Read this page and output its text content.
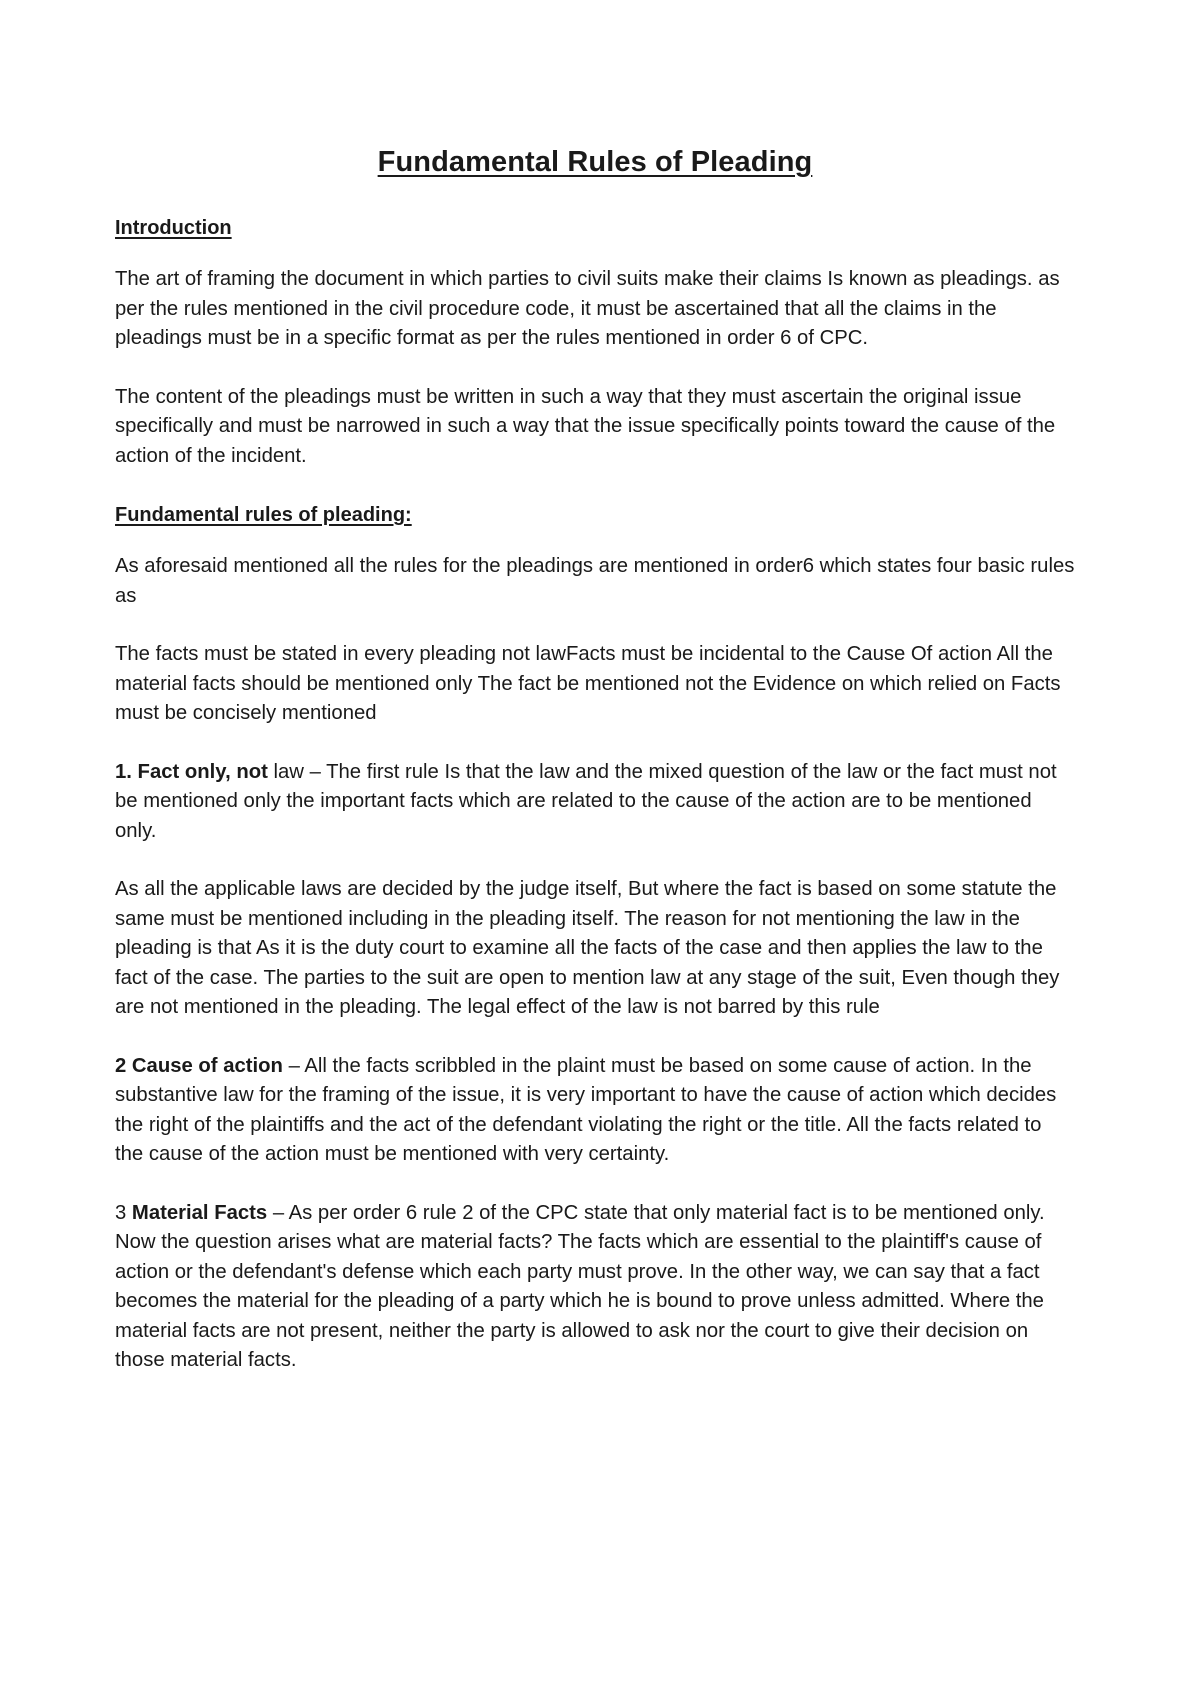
Fundamental Rules of Pleading
Introduction

The art of framing the document in which parties to civil suits make their claims Is known as pleadings. as per the rules mentioned in the civil procedure code, it must be ascertained that all the claims in the pleadings must be in a specific format as per the rules mentioned in order 6 of CPC.

The content of the pleadings must be written in such a way that they must ascertain the original issue specifically and must be narrowed in such a way that the issue specifically points toward the cause of the action of the incident.

Fundamental rules of pleading:

As aforesaid mentioned all the rules for the pleadings are mentioned in order6 which states four basic rules as

The facts must be stated in every pleading not lawFacts must be incidental to the Cause Of action All the material facts should be mentioned only The fact be mentioned not the Evidence on which relied on Facts must be concisely mentioned

1. Fact only, not law – The first rule Is that the law and the mixed question of the law or the fact must not be mentioned only the important facts which are related to the cause of the action are to be mentioned only.

As all the applicable laws are decided by the judge itself, But where the fact is based on some statute the same must be mentioned including in the pleading itself. The reason for not mentioning the law in the pleading is that As it is the duty court to examine all the facts of the case and then applies the law to the fact of the case. The parties to the suit are open to mention law at any stage of the suit, Even though they are not mentioned in the pleading. The legal effect of the law is not barred by this rule

2 Cause of action – All the facts scribbled in the plaint must be based on some cause of action. In the substantive law for the framing of the issue, it is very important to have the cause of action which decides the right of the plaintiffs and the act of the defendant violating the right or the title. All the facts related to the cause of the action must be mentioned with very certainty.

3 Material Facts – As per order 6 rule 2 of the CPC state that only material fact is to be mentioned only. Now the question arises what are material facts? The facts which are essential to the plaintiff's cause of action or the defendant's defense which each party must prove. In the other way, we can say that a fact becomes the material for the pleading of a party which he is bound to prove unless admitted. Where the material facts are not present, neither the party is allowed to ask nor the court to give their decision on those material facts.
